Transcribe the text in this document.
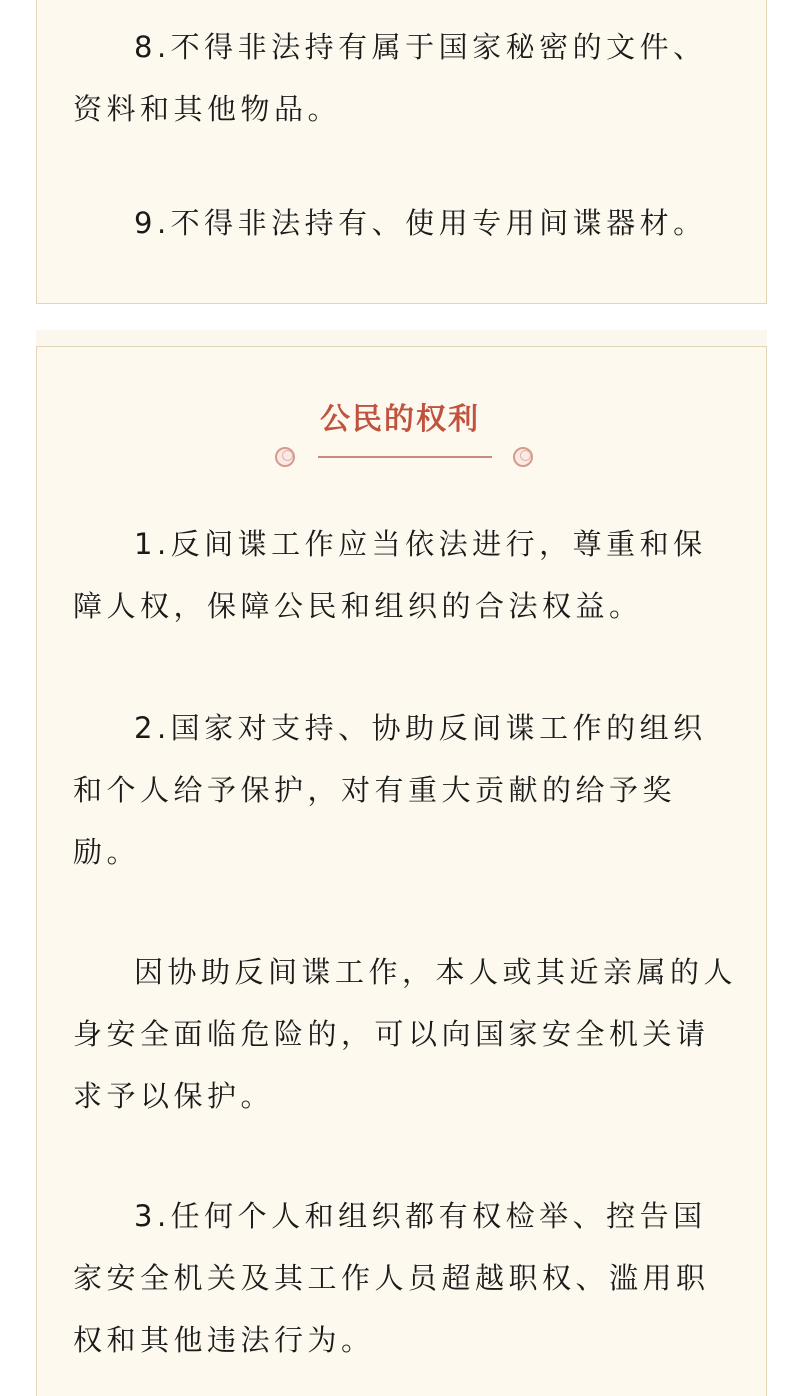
8.不得非法持有属于国家秘密的文件、资料和其他物品。

9.不得非法持有、使用专用间谍器材。

公民的权利

1.反间谍工作应当依法进行，尊重和保障人权，保障公民和组织的合法权益。

2.国家对支持、协助反间谍工作的组织和个人给予保护，对有重大贡献的给予奖励。

因协助反间谍工作，本人或其近亲属的人身安全面临危险的，可以向国家安全机关请求予以保护。

3.任何个人和组织都有权检举、控告国家安全机关及其工作人员超越职权、滥用职权和其他违法行为。
